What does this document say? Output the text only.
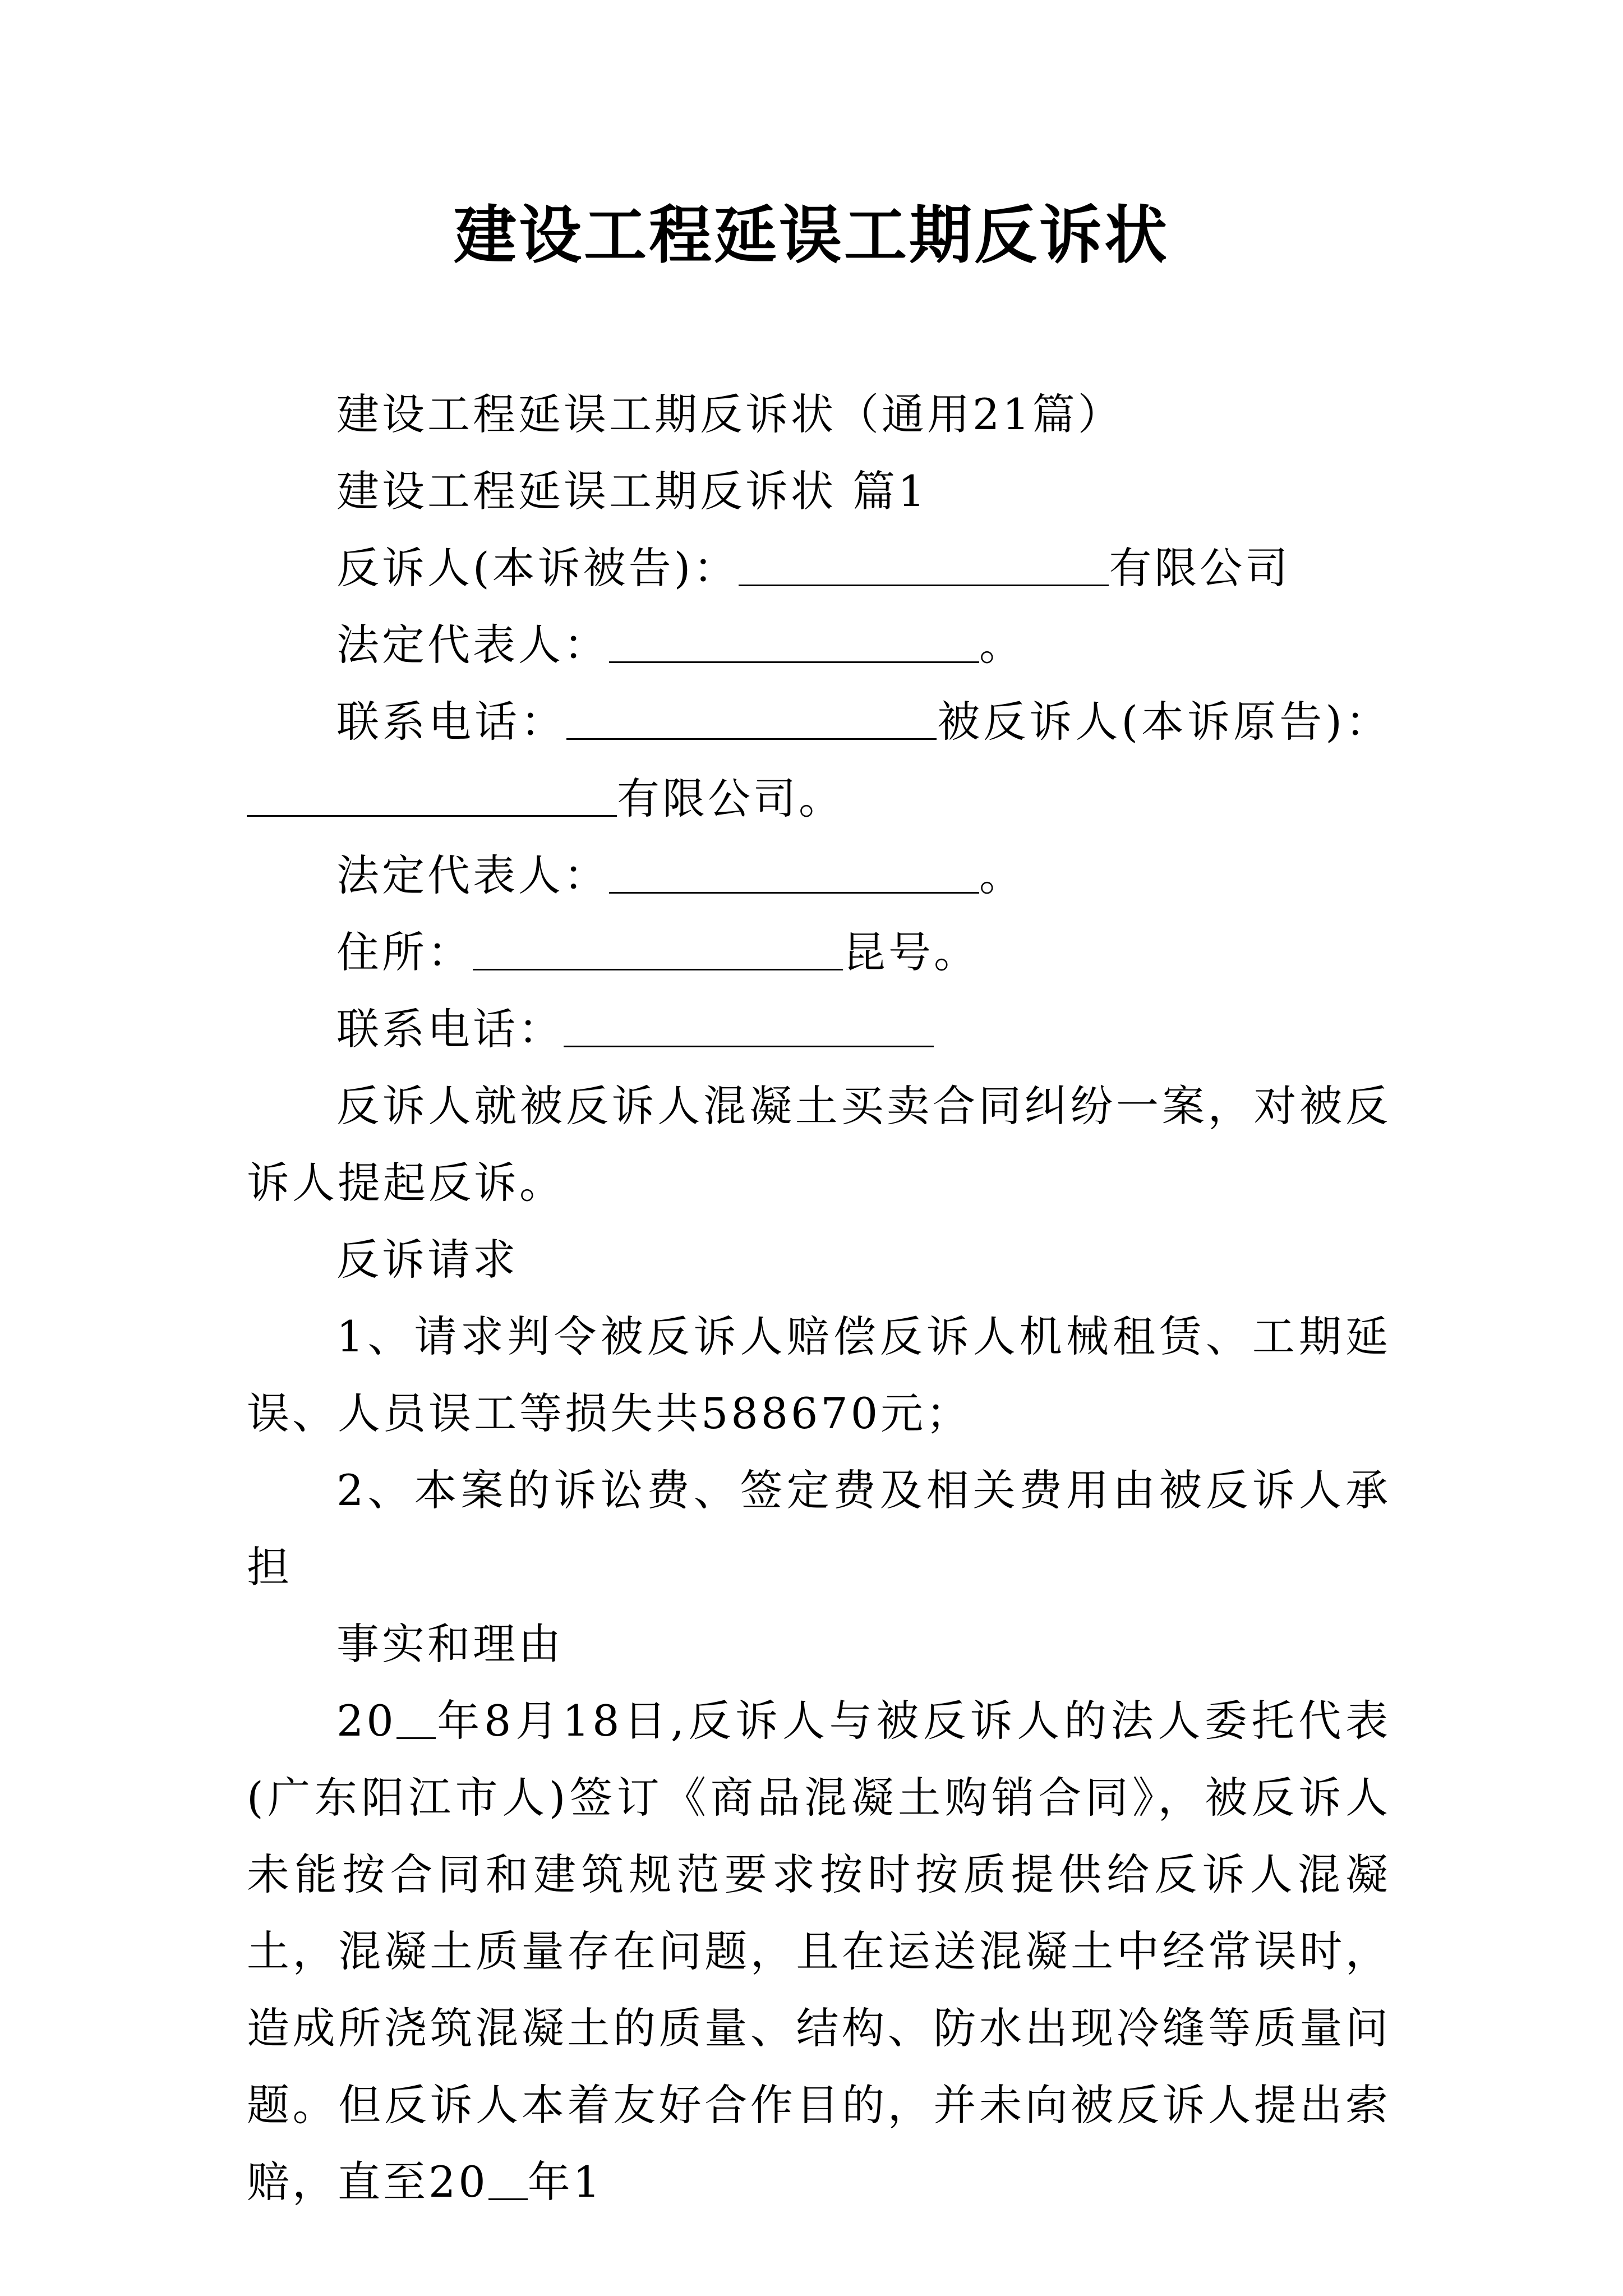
建设工程延误工期反诉状

建设工程延误工期反诉状（通用21篇）

建设工程延误工期反诉状 篇1

反诉人(本诉被告)：	有限公司

法定代表人：	。

联系电话：	被反诉人(本诉原告)：有限公司。

法定代表人：	。

住所：	昆号。

联系电话：

反诉人就被反诉人混凝土买卖合同纠纷一案，对被反诉人提起反诉。

反诉请求

1、请求判令被反诉人赔偿反诉人机械租赁、工期延误、人员误工等损失共588670元；

2、本案的诉讼费、签定费及相关费用由被反诉人承担

事实和理由

20 年8月18日,反诉人与被反诉人的法人委托代表(广东阳江市人)签订《商品混凝土购销合同》，被反诉人未能按合同和建筑规范要求按时按质提供给反诉人混凝土，混凝土质量存在问题，且在运送混凝土中经常误时，造成所浇筑混凝土的质量、结构、防水出现冷缝等质量问题。但反诉人本着友好合作目的，并未向被反诉人提出索赔，直至20 年1
